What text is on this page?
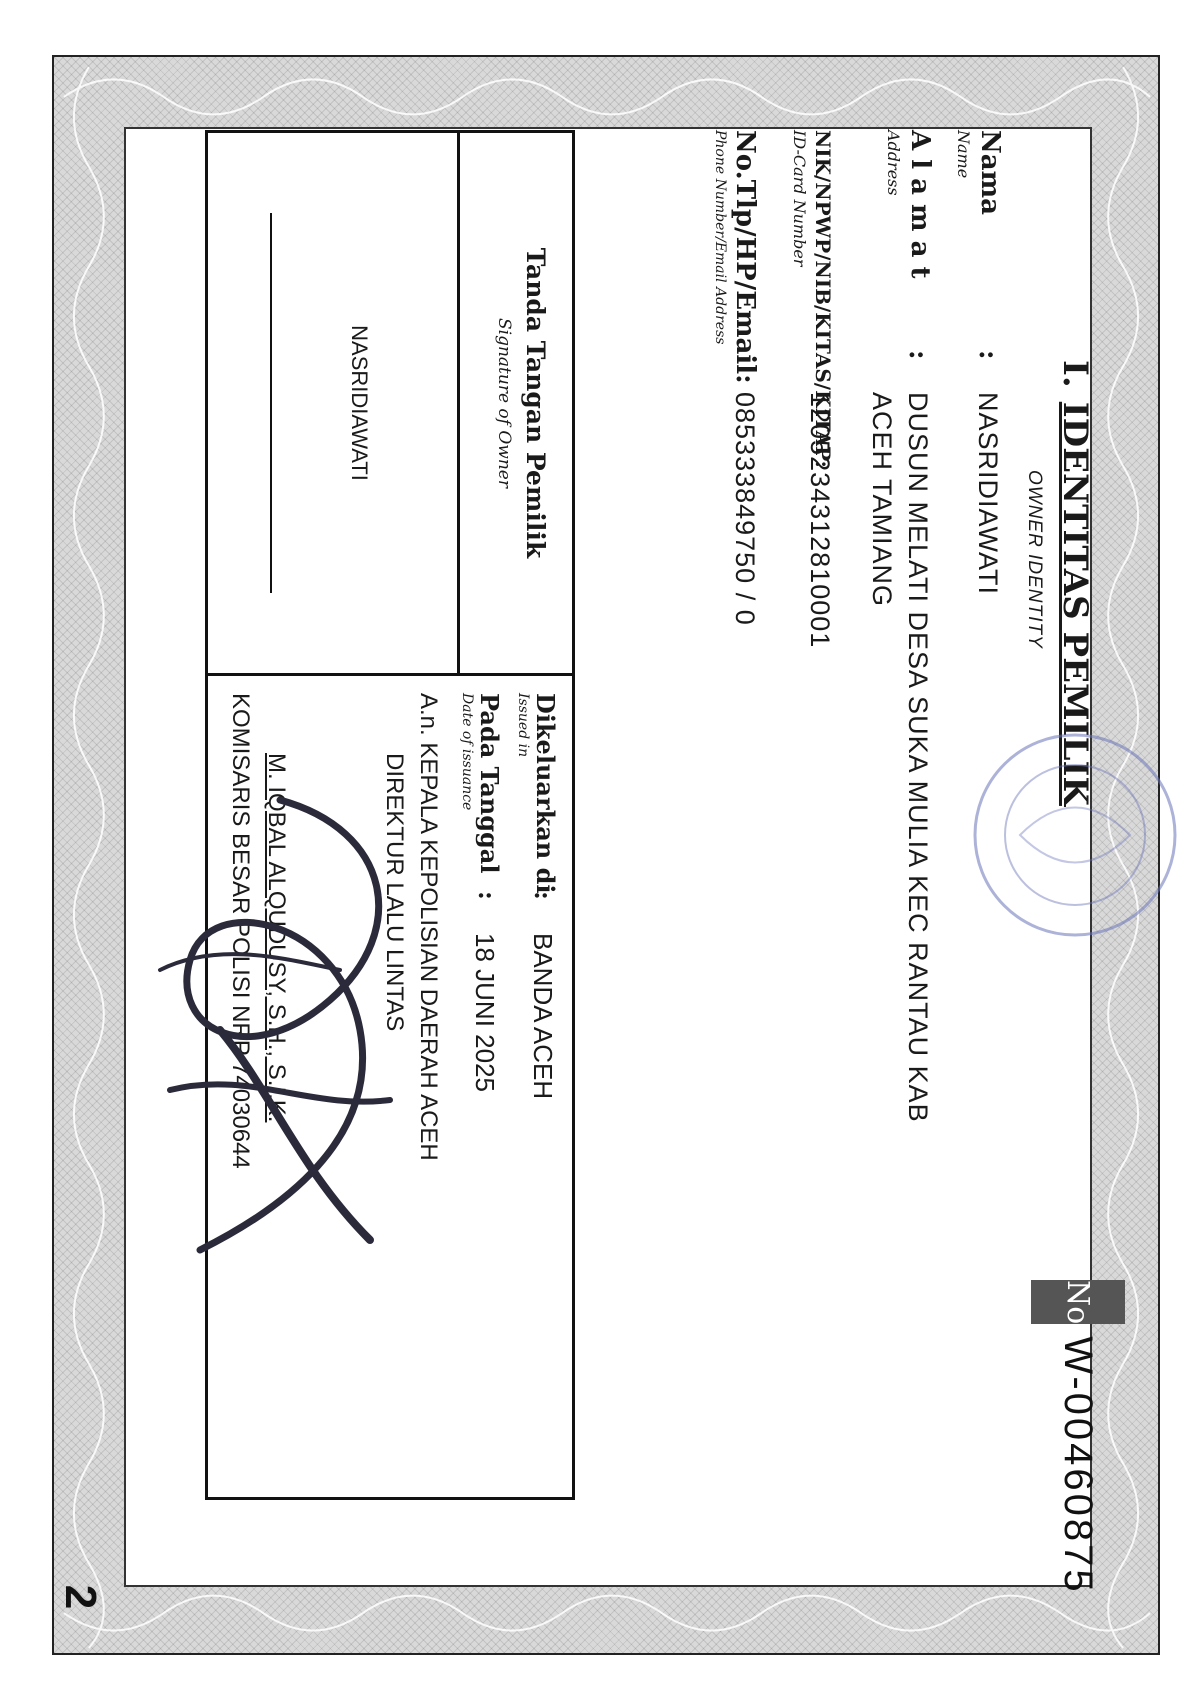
I.IDENTITAS PEMILIK
OWNER IDENTITY
No
W-00460875
Nama
Name
:
NASRIDIAWATI
A l a m a t
Address
:
DUSUN MELATI DESA SUKA MULIA KEC RANTAU KAB
ACEH TAMIANG
NIK/NPWP/NIB/KITAS/KITAP:
ID-Card Number
1205234312810001
No.Tlp/HP/Email:
Phone Number/Email Address
085333849750 / 0
Tanda Tangan Pemilik
Signature of Owner
NASRIDIAWATI
Dikeluarkan di
Issued in
:
BANDA ACEH
Pada Tanggal
Date of issuance
:
18 JUNI 2025
A.n. KEPALA KEPOLISIAN DAERAH ACEH
DIREKTUR LALU LINTAS
M. IQBAL ALQUDUSY, S.H., S.I.K.
KOMISARIS BESAR POLISI NRP 74030644
2
